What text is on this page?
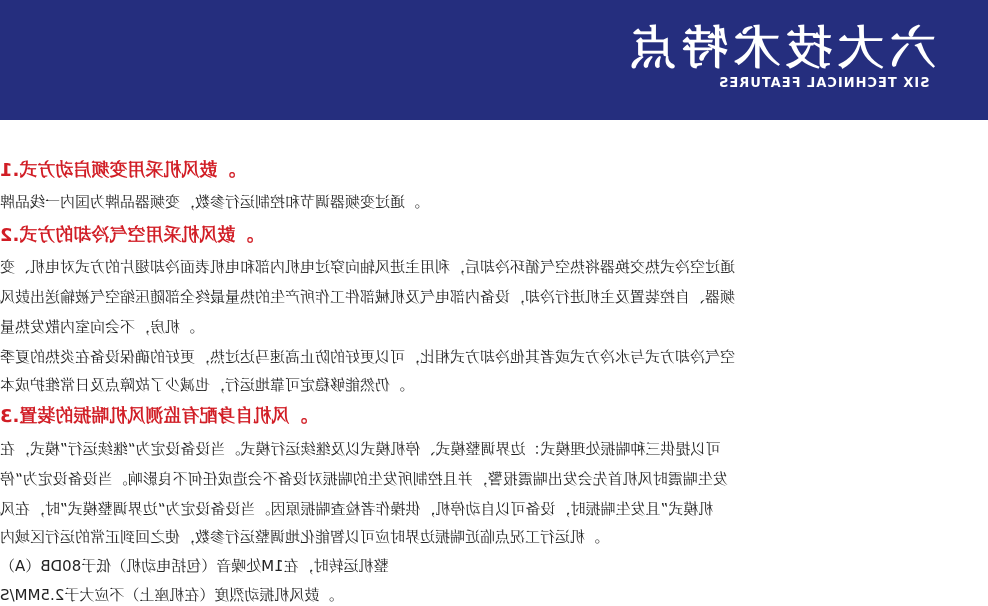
六大技术特点
SIX TECHNICAL FEATURES
1.鼓风机采用变频启动方式。
通过变频器调节和控制运行参数，变频器品牌为国内一线品牌。
2.鼓风机采用空气冷却的方式。
通过空冷式热交换器将热空气循环冷却后，利用主进风轴向穿过电机内部和电机表面冷却翅片的方式对电机、变
频器、自控装置及主机进行冷却，设备内部电气及机械部件工作所产生的热量最终全部随压缩空气被输送出鼓风
机房，不会向室内散发热量。
空气冷却方式与水冷方式或者其他冷却方式相比，可以更好的防止高速马达过热，更好的确保设备在炎热的夏季
仍然能够稳定可靠地运行，也减少了故障点及日常维护成本。
3.风机自身配有监测风机喘振的装置。
可以提供三种喘振处理模式：边界调整模式、停机模式以及继续运行模式。当设备设定为“继续运行”模式，在
发生喘震时风机首先会发出喘震报警，并且控制所发生的喘振对设备不会造成任何不良影响。当设备设定为“停
机模式”且发生喘振时，设备可以自动停机，供操作者检查喘振原因。当设备设定为“边界调整模式”时，在风
机运行工况点临近喘振边界时应可以智能化地调整运行参数，使之回到正常的运行区域内。
整机运转时，在1M处噪音（包括电动机）低于80DB（A）
鼓风机振动烈度（在机座上）不应大于2.5MM/S。
